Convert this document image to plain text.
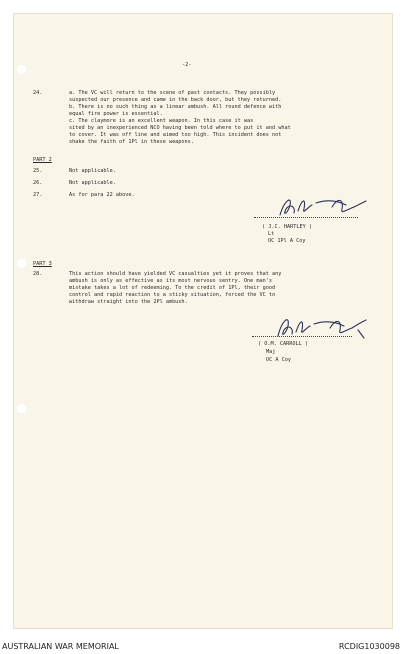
-2-
24.	a. The VC will return to the scene of past contacts. They possibly
suspected our presence and came in the back door, but they returned.
b. There is no such thing as a linear ambush. All round defence with
equal fire power is essential.
c. The claymore is an excellent weapon. In this case it was
sited by an inexperienced NCO having been told where to put it and what
to cover. It was off line and aimed too high. This incident does not
shake the faith of 1Pl in these weapons.
PART 2
25.	Not applicable.
26.	Not applicable.
27.	As for para 22 above.
( J.C. HARTLEY )
Lt
OC 1Pl A Coy
PART 3
28.	This action should have yielded VC casualties yet it proves that any
ambush is only as effective as its most nervous sentry. One man's
mistake takes a lot of redeeming. To the credit of 1Pl, their good
control and rapid reaction to a sticky situation, forced the VC to
withdraw straight into the 2Pl ambush.
( O.M. CARROLL )
Maj
OC A Coy
AUSTRALIAN WAR MEMORIAL	RCDIG1030098
